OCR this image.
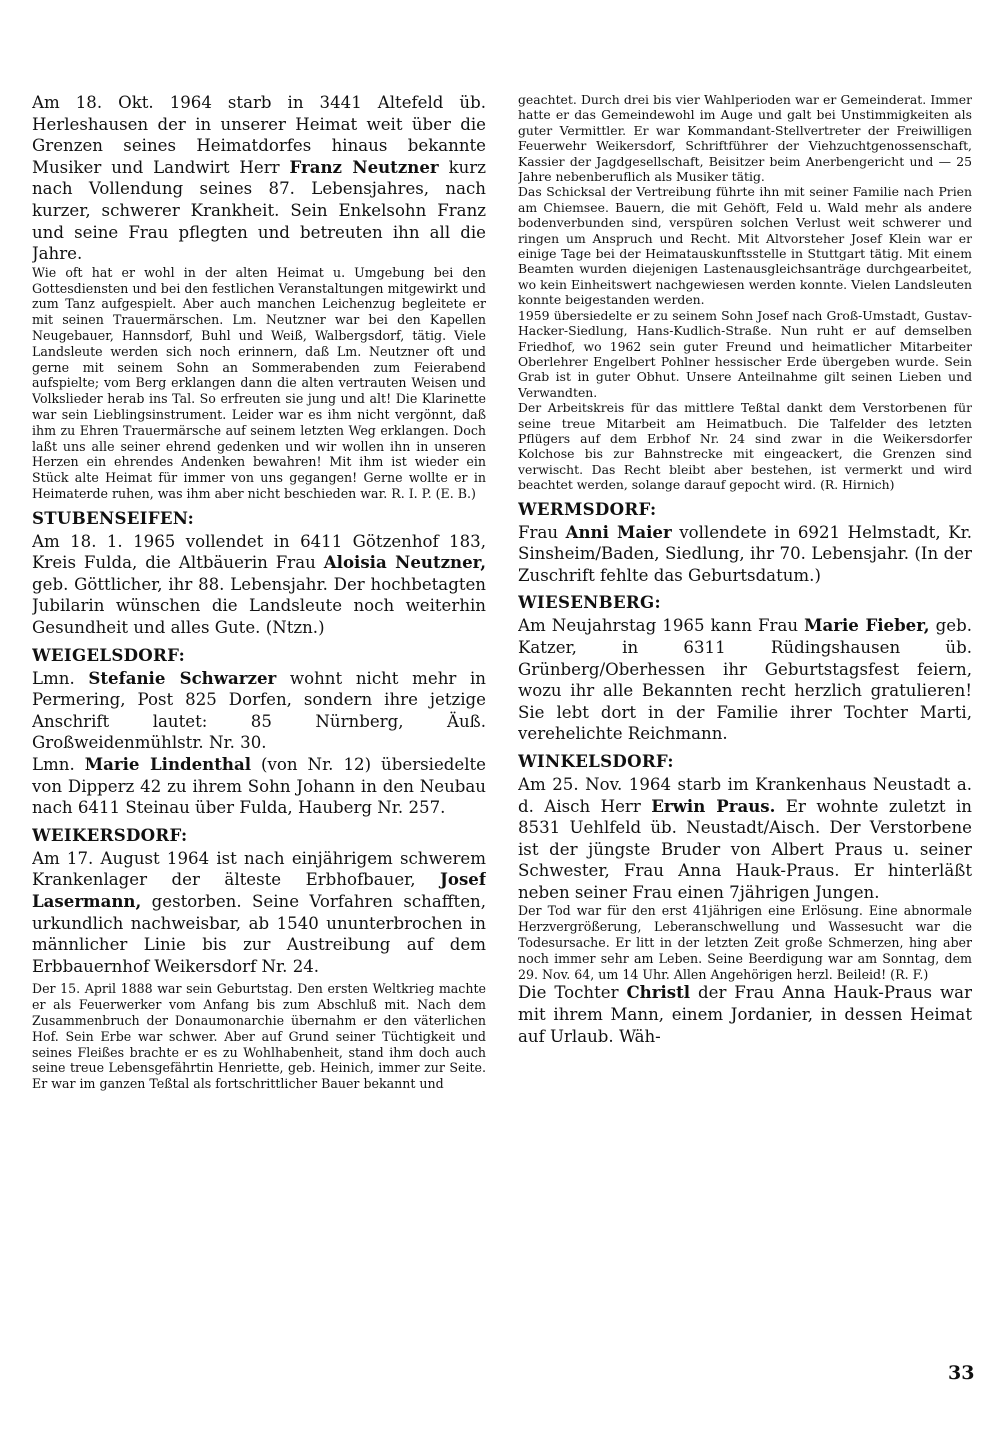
Am 18. Okt. 1964 starb in 3441 Altefeld üb. Herleshausen der in unserer Heimat weit über die Grenzen seines Heimatdorfes hinaus bekannte Musiker und Landwirt Herr Franz Neutzner kurz nach Vollendung seines 87. Lebensjahres, nach kurzer, schwerer Krankheit. Sein Enkelsohn Franz und seine Frau pflegten und betreuten ihn all die Jahre.

Wie oft hat er wohl in der alten Heimat u. Umgebung bei den Gottesdiensten und bei den festlichen Veranstaltungen mitgewirkt und zum Tanz aufgespielt. Aber auch manchen Leichenzug begleitete er mit seinen Trauermärschen. Lm. Neutzner war bei den Kapellen Neugebauer, Hannsdorf, Buhl und Weiß, Walbergsdorf, tätig. Viele Landsleute werden sich noch erinnern, daß Lm. Neutzner oft und gerne mit seinem Sohn an Sommerabenden zum Feierabend aufspielte; vom Berg erklangen dann die alten vertrauten Weisen und Volkslieder herab ins Tal. So erfreuten sie jung und alt! Die Klarinette war sein Lieblingsinstrument. Leider war es ihm nicht vergönnt, daß ihm zu Ehren Trauermärsche auf seinem letzten Weg erklangen. Doch laßt uns alle seiner ehrend gedenken und wir wollen ihn in unseren Herzen ein ehrendes Andenken bewahren! Mit ihm ist wieder ein Stück alte Heimat für immer von uns gegangen! Gerne wollte er in Heimaterde ruhen, was ihm aber nicht beschieden war. R. I. P. (E. B.)

STUBENSEIFEN:

Am 18. 1. 1965 vollendet in 6411 Götzenhof 183, Kreis Fulda, die Altbäuerin Frau Aloisia Neutzner, geb. Göttlicher, ihr 88. Lebensjahr. Der hochbetagten Jubilarin wünschen die Landsleute noch weiterhin Gesundheit und alles Gute. (Ntzn.)

WEIGELSDORF:

Lmn. Stefanie Schwarzer wohnt nicht mehr in Permering, Post 825 Dorfen, sondern ihre jetzige Anschrift lautet: 85 Nürnberg, Äuß. Großweidenmühlstr. Nr. 30.

Lmn. Marie Lindenthal (von Nr. 12) übersiedelte von Dipperz 42 zu ihrem Sohn Johann in den Neubau nach 6411 Steinau über Fulda, Hauberg Nr. 257.

WEIKERSDORF:

Am 17. August 1964 ist nach einjährigem schwerem Krankenlager der älteste Erbhofbauer, Josef Lasermann, gestorben. Seine Vorfahren schafften, urkundlich nachweisbar, ab 1540 ununterbrochen in männlicher Linie bis zur Austreibung auf dem Erbbauernhof Weikersdorf Nr. 24.

Der 15. April 1888 war sein Geburtstag. Den ersten Weltkrieg machte er als Feuerwerker vom Anfang bis zum Abschluß mit. Nach dem Zusammenbruch der Donaumonarchie übernahm er den väterlichen Hof. Sein Erbe war schwer. Aber auf Grund seiner Tüchtigkeit und seines Fleißes brachte er es zu Wohlhabenheit, stand ihm doch auch seine treue Lebensgefährtin Henriette, geb. Heinich, immer zur Seite. Er war im ganzen Teßtal als fortschrittlicher Bauer bekannt und

geachtet. Durch drei bis vier Wahlperioden war er Gemeinderat. Immer hatte er das Gemeindewohl im Auge und galt bei Unstimmigkeiten als guter Vermittler. Er war Kommandant-Stellvertreter der Freiwilligen Feuerwehr Weikersdorf, Schriftführer der Viehzuchtgenossenschaft, Kassier der Jagdgesellschaft, Beisitzer beim Anerbengericht und — 25 Jahre nebenberuflich als Musiker tätig.

Das Schicksal der Vertreibung führte ihn mit seiner Familie nach Prien am Chiemsee. Bauern, die mit Gehöft, Feld u. Wald mehr als andere bodenverbunden sind, verspüren solchen Verlust weit schwerer und ringen um Anspruch und Recht. Mit Altvorsteher Josef Klein war er einige Tage bei der Heimatauskunftsstelle in Stuttgart tätig. Mit einem Beamten wurden diejenigen Lastenausgleichsanträge durchgearbeitet, wo kein Einheitswert nachgewiesen werden konnte. Vielen Landsleuten konnte beigestanden werden.

1959 übersiedelte er zu seinem Sohn Josef nach Groß-Umstadt, Gustav-Hacker-Siedlung, Hans-Kudlich-Straße. Nun ruht er auf demselben Friedhof, wo 1962 sein guter Freund und heimatlicher Mitarbeiter Oberlehrer Engelbert Pohlner hessischer Erde übergeben wurde. Sein Grab ist in guter Obhut. Unsere Anteilnahme gilt seinen Lieben und Verwandten.

Der Arbeitskreis für das mittlere Teßtal dankt dem Verstorbenen für seine treue Mitarbeit am Heimatbuch. Die Talfelder des letzten Pflügers auf dem Erbhof Nr. 24 sind zwar in die Weikersdorfer Kolchose bis zur Bahnstrecke mit eingeackert, die Grenzen sind verwischt. Das Recht bleibt aber bestehen, ist vermerkt und wird beachtet werden, solange darauf gepocht wird. (R. Hirnich)

WERMSDORF:

Frau Anni Maier vollendete in 6921 Helmstadt, Kr. Sinsheim/Baden, Siedlung, ihr 70. Lebensjahr. (In der Zuschrift fehlte das Geburtsdatum.)

WIESENBERG:

Am Neujahrstag 1965 kann Frau Marie Fieber, geb. Katzer, in 6311 Rüdingshausen üb. Grünberg/Oberhessen ihr Geburtstagsfest feiern, wozu ihr alle Bekannten recht herzlich gratulieren! Sie lebt dort in der Familie ihrer Tochter Marti, verehelichte Reichmann.

WINKELSDORF:

Am 25. Nov. 1964 starb im Krankenhaus Neustadt a. d. Aisch Herr Erwin Praus. Er wohnte zuletzt in 8531 Uehlfeld üb. Neustadt/Aisch. Der Verstorbene ist der jüngste Bruder von Albert Praus u. seiner Schwester, Frau Anna Hauk-Praus. Er hinterläßt neben seiner Frau einen 7jährigen Jungen.

Der Tod war für den erst 41jährigen eine Erlösung. Eine abnormale Herzvergrößerung, Leberanschwellung und Wassesucht war die Todesursache. Er litt in der letzten Zeit große Schmerzen, hing aber noch immer sehr am Leben. Seine Beerdigung war am Sonntag, dem 29. Nov. 64, um 14 Uhr. Allen Angehörigen herzl. Beileid! (R. F.)

Die Tochter Christl der Frau Anna Hauk-Praus war mit ihrem Mann, einem Jordanier, in dessen Heimat auf Urlaub. Wäh-

33
